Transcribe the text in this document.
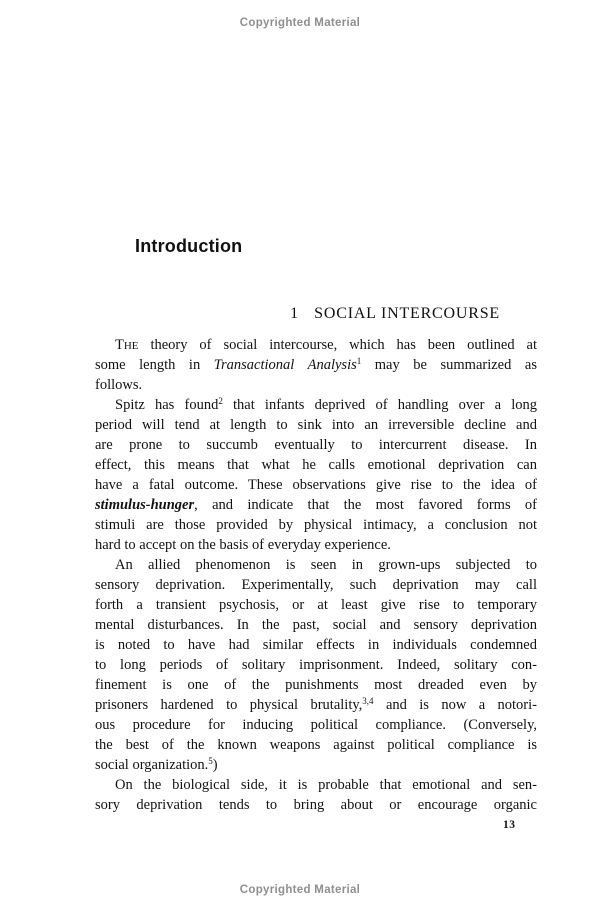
Copyrighted Material
Introduction
1 SOCIAL INTERCOURSE
THE theory of social intercourse, which has been outlined at
some length in Transactional Analysis$^1$ may be summarized as
follows.
Spitz has found$^2$ that infants deprived of handling over a long
period will tend at length to sink into an irreversible decline and
are prone to succumb eventually to intercurrent disease. In
effect, this means that what he calls emotional deprivation can
have a fatal outcome. These observations give rise to the idea of
stimulus-hunger, and indicate that the most favored forms of
stimuli are those provided by physical intimacy, a conclusion not
hard to accept on the basis of everyday experience.
An allied phenomenon is seen in grown-ups subjected to
sensory deprivation. Experimentally, such deprivation may call
forth a transient psychosis, or at least give rise to temporary
mental disturbances. In the past, social and sensory deprivation
is noted to have had similar effects in individuals condemned
to long periods of solitary imprisonment. Indeed, solitary con-
finement is one of the punishments most dreaded even by
prisoners hardened to physical brutality,$^{3,4}$ and is now a notori-
ous procedure for inducing political compliance. (Conversely,
the best of the known weapons against political compliance is
social organization.$^5$)
On the biological side, it is probable that emotional and sen-
sory deprivation tends to bring about or encourage organic
13
Copyrighted Material
